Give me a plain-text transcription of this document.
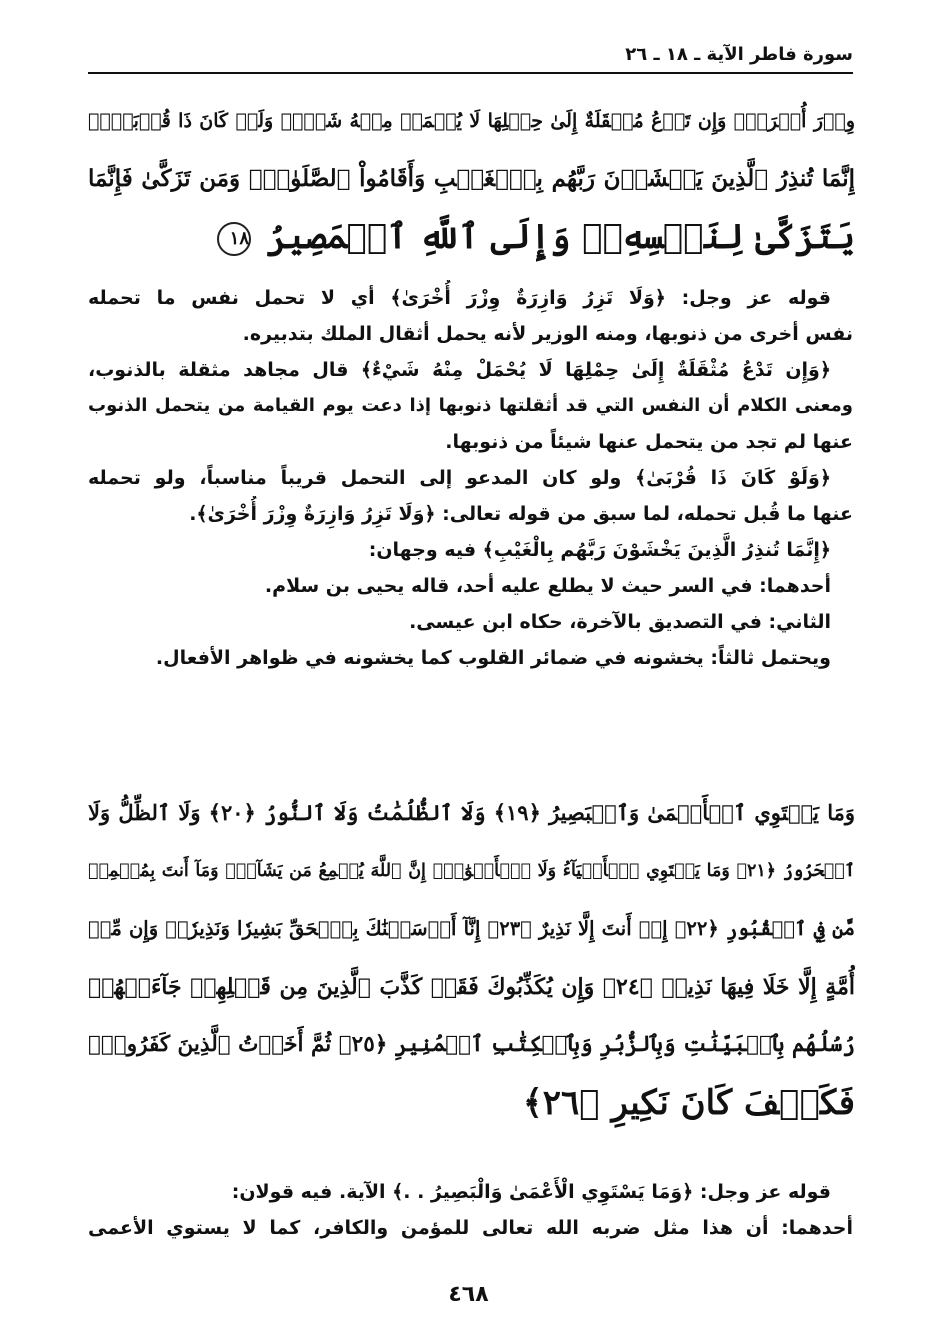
سورة فاطر الآية ـ ١٨ ـ ٢٦
وِزۡرَ أُخۡرَىٰۚ وَإِن تَدۡعُ مُثۡقَلَةٌ إِلَىٰ حِمۡلِهَا لَا يُحۡمَلۡ مِنۡهُ شَيۡءٞ وَلَوۡ كَانَ ذَا قُرۡبَىٰٓۗ
إِنَّمَا تُنذِرُ ٱلَّذِينَ يَخۡشَوۡنَ رَبَّهُم بِٱلۡغَيۡبِ وَأَقَامُواْ ٱلصَّلَوٰةَۚ وَمَن تَزَكَّىٰ فَإِنَّمَا
يَتَزَكَّىٰ لِنَفۡسِهِۦۚ وَإِلَى ٱللَّهِ ٱلۡمَصِيرُ ١٨
قوله عز وجل: ﴿وَلَا تَزِرُ وَازِرَةٌ وِزْرَ أُخْرَىٰ﴾ أي لا تحمل نفس ما تحمله
نفس أخرى من ذنوبها، ومنه الوزير لأنه يحمل أثقال الملك بتدبيره.
﴿وَإِن تَدْعُ مُثْقَلَةٌ إِلَىٰ حِمْلِهَا لَا يُحْمَلْ مِنْهُ شَيْءٌ﴾ قال مجاهد مثقلة بالذنوب،
ومعنى الكلام أن النفس التي قد أثقلتها ذنوبها إذا دعت يوم القيامة من يتحمل الذنوب
عنها لم تجد من يتحمل عنها شيئاً من ذنوبها.
﴿وَلَوْ كَانَ ذَا قُرْبَىٰ﴾ ولو كان المدعو إلى التحمل قريباً مناسباً، ولو تحمله
عنها ما قُبل تحمله، لما سبق من قوله تعالى: ﴿وَلَا تَزِرُ وَازِرَةٌ وِزْرَ أُخْرَىٰ﴾.
﴿إِنَّمَا تُنذِرُ الَّذِينَ يَخْشَوْنَ رَبَّهُم بِالْغَيْبِ﴾ فيه وجهان:
أحدهما: في السر حيث لا يطلع عليه أحد، قاله يحيى بن سلام.
الثاني: في التصديق بالآخرة، حكاه ابن عيسى.
ويحتمل ثالثاً: يخشونه في ضمائر القلوب كما يخشونه في ظواهر الأفعال.
وَمَا يَسۡتَوِي ٱلۡأَعۡمَىٰ وَٱلۡبَصِيرُ ﴿١٩﴾ وَلَا ٱلظُّلُمَٰتُ وَلَا ٱلنُّورُ ﴿٢٠﴾ وَلَا ٱلظِّلُّ وَلَا
ٱلۡحَرُورُ ﴿٢١﴾ وَمَا يَسۡتَوِي ٱلۡأَحۡيَآءُ وَلَا ٱلۡأَمۡوَٰتُۚ إِنَّ ٱللَّهَ يُسۡمِعُ مَن يَشَآءُۖ وَمَآ أَنتَ بِمُسۡمِعٖ
مَّن فِي ٱلۡقُبُورِ ﴿٢٢﴾ إِنۡ أَنتَ إِلَّا نَذِيرٌ ﴿٢٣﴾ إِنَّآ أَرۡسَلۡنَٰكَ بِٱلۡحَقِّ بَشِيرٗا وَنَذِيرٗاۚ وَإِن مِّنۡ
أُمَّةٍ إِلَّا خَلَا فِيهَا نَذِيرٞ ﴿٢٤﴾ وَإِن يُكَذِّبُوكَ فَقَدۡ كَذَّبَ ٱلَّذِينَ مِن قَبۡلِهِمۡ جَآءَتۡهُمۡ
رُسُلُهُم بِٱلۡبَيِّنَٰتِ وَبِٱلزُّبُرِ وَبِٱلۡكِتَٰبِ ٱلۡمُنِيرِ ﴿٢٥﴾ ثُمَّ أَخَذۡتُ ٱلَّذِينَ كَفَرُواْۖ
فَكَيۡفَ كَانَ نَكِيرِ ﴿٢٦﴾
قوله عز وجل: ﴿وَمَا يَسْتَوِي الْأَعْمَىٰ وَالْبَصِيرُ . .﴾ الآية. فيه قولان:
أحدهما: أن هذا مثل ضربه الله تعالى للمؤمن والكافر، كما لا يستوي الأعمى
٤٦٨
